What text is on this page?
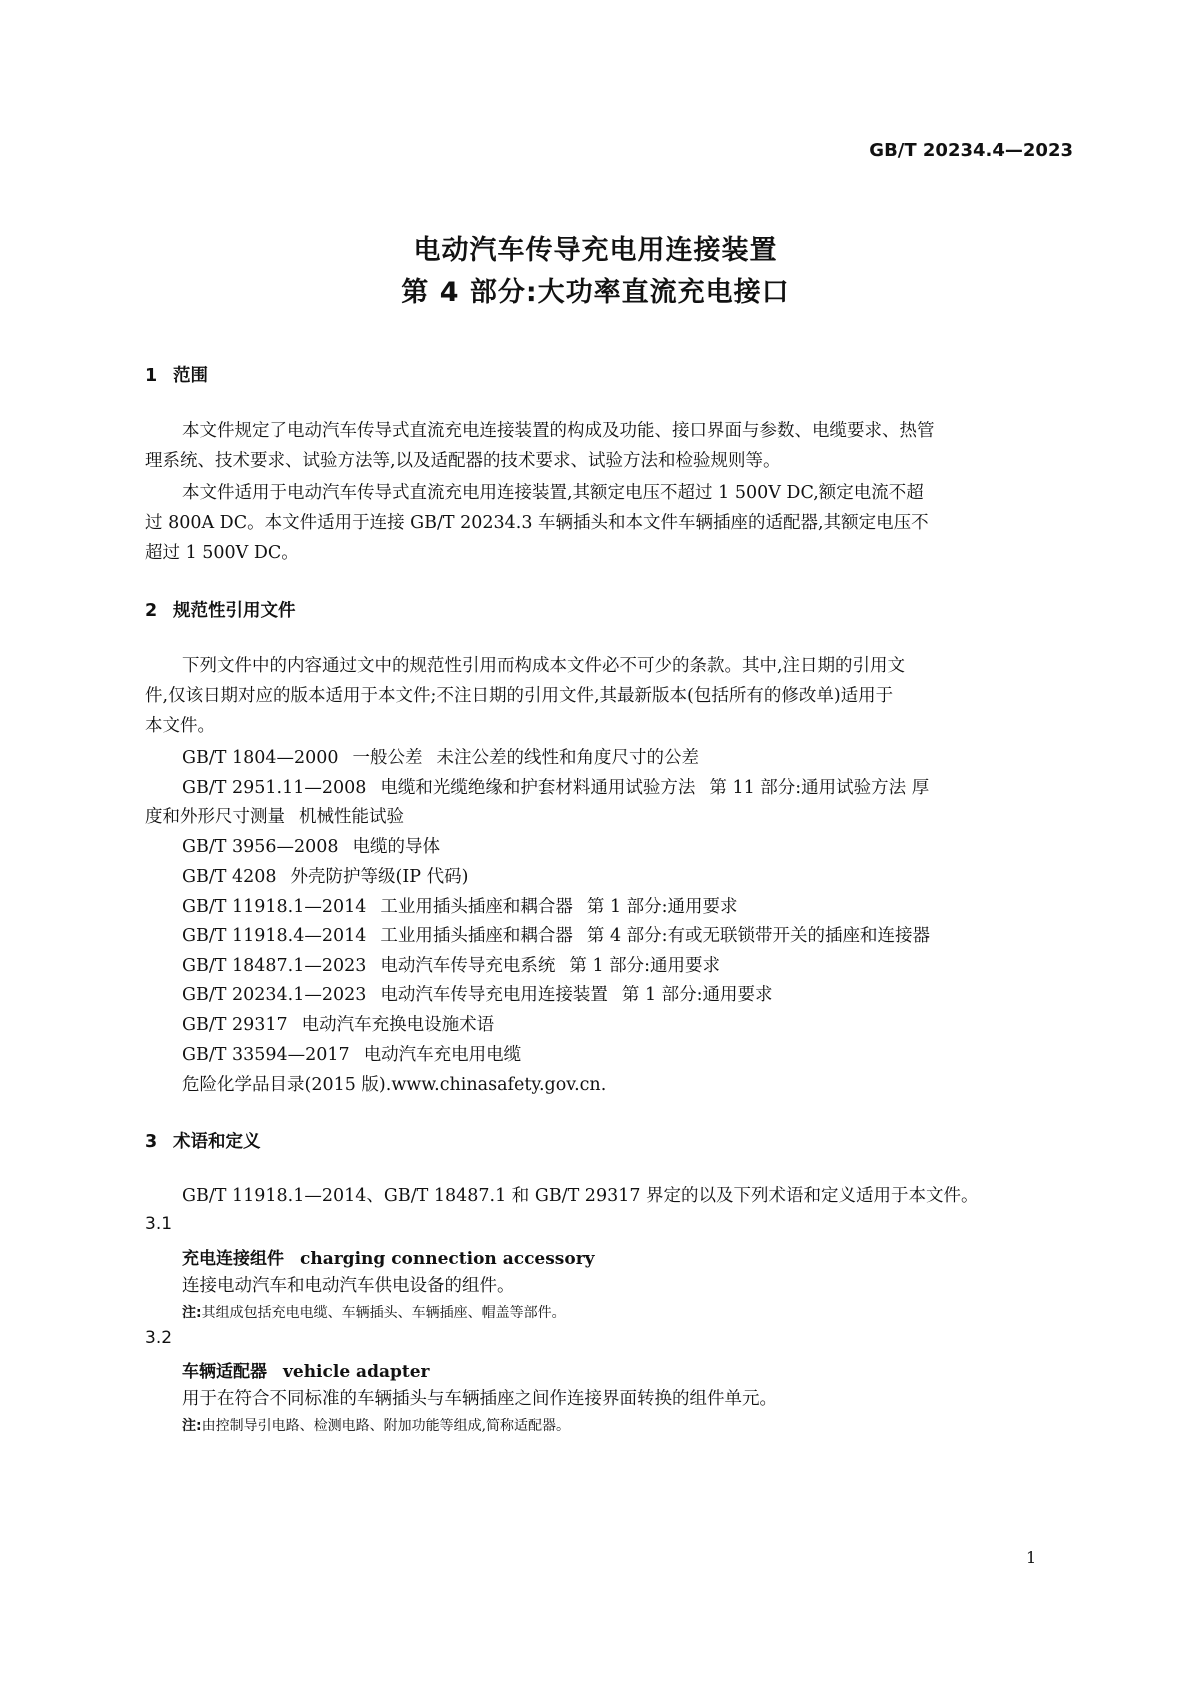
GB/T 20234.4—2023
电动汽车传导充电用连接装置
第 4 部分:大功率直流充电接口
1 范围
本文件规定了电动汽车传导式直流充电连接装置的构成及功能、接口界面与参数、电缆要求、热管
理系统、技术要求、试验方法等,以及适配器的技术要求、试验方法和检验规则等。
本文件适用于电动汽车传导式直流充电用连接装置,其额定电压不超过 1 500V DC,额定电流不超
过 800A DC。本文件适用于连接 GB/T 20234.3 车辆插头和本文件车辆插座的适配器,其额定电压不
超过 1 500V DC。
2 规范性引用文件
下列文件中的内容通过文中的规范性引用而构成本文件必不可少的条款。其中,注日期的引用文
件,仅该日期对应的版本适用于本文件;不注日期的引用文件,其最新版本(包括所有的修改单)适用于
本文件。
GB/T 1804—2000 一般公差 未注公差的线性和角度尺寸的公差
GB/T 2951.11—2008 电缆和光缆绝缘和护套材料通用试验方法 第 11 部分:通用试验方法 厚
度和外形尺寸测量 机械性能试验
GB/T 3956—2008 电缆的导体
GB/T 4208 外壳防护等级(IP 代码)
GB/T 11918.1—2014 工业用插头插座和耦合器 第 1 部分:通用要求
GB/T 11918.4—2014 工业用插头插座和耦合器 第 4 部分:有或无联锁带开关的插座和连接器
GB/T 18487.1—2023 电动汽车传导充电系统 第 1 部分:通用要求
GB/T 20234.1—2023 电动汽车传导充电用连接装置 第 1 部分:通用要求
GB/T 29317 电动汽车充换电设施术语
GB/T 33594—2017 电动汽车充电用电缆
危险化学品目录(2015 版).www.chinasafety.gov.cn.
3 术语和定义
GB/T 11918.1—2014、GB/T 18487.1 和 GB/T 29317 界定的以及下列术语和定义适用于本文件。
3.1
充电连接组件 charging connection accessory
连接电动汽车和电动汽车供电设备的组件。
注:其组成包括充电电缆、车辆插头、车辆插座、帽盖等部件。
3.2
车辆适配器 vehicle adapter
用于在符合不同标准的车辆插头与车辆插座之间作连接界面转换的组件单元。
注:由控制导引电路、检测电路、附加功能等组成,简称适配器。
1
